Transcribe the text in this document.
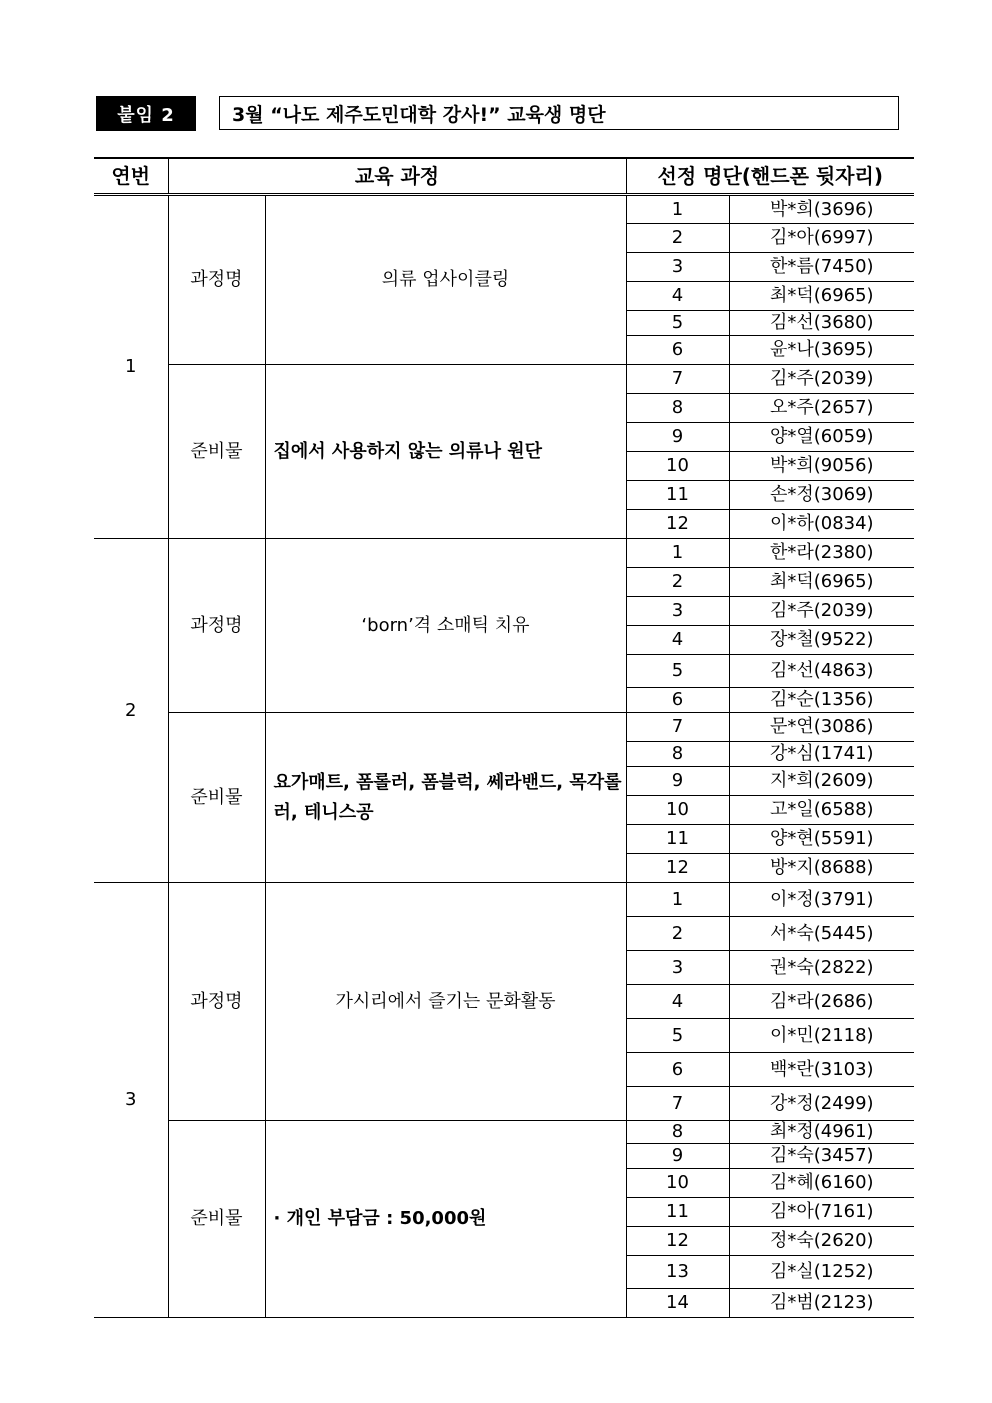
붙임 2	3월 “나도 제주도민대학 강사!” 교육생 명단
연번	교육 과정		선정 명단(핸드폰 뒷자리)	
1	과정명	의류 업사이클링	1	박*희(3696)
			2	김*아(6997)
			3	한*름(7450)
			4	최*덕(6965)
			5	김*선(3680)
			6	윤*나(3695)
	준비물	집에서 사용하지 않는 의류나 원단	7	김*주(2039)
			8	오*주(2657)
			9	양*열(6059)
			10	박*희(9056)
			11	손*정(3069)
			12	이*하(0834)
2	과정명	‘born’격 소매틱 치유	1	한*라(2380)
			2	최*덕(6965)
			3	김*주(2039)
			4	장*철(9522)
			5	김*선(4863)
			6	김*순(1356)
	준비물	요가매트, 폼롤러, 폼블럭, 쎄라밴드, 목각롤러, 테니스공	7	문*연(3086)
			8	강*심(1741)
			9	지*희(2609)
			10	고*일(6588)
			11	양*현(5591)
			12	방*지(8688)
3	과정명	가시리에서 즐기는 문화활동	1	이*정(3791)
			2	서*숙(5445)
			3	권*숙(2822)
			4	김*라(2686)
			5	이*민(2118)
			6	백*란(3103)
			7	강*정(2499)
	준비물	· 개인 부담금 : 50,000원	8	최*정(4961)
			9	김*숙(3457)
			10	김*혜(6160)
			11	김*아(7161)
			12	정*숙(2620)
			13	김*실(1252)
			14	김*범(2123)
